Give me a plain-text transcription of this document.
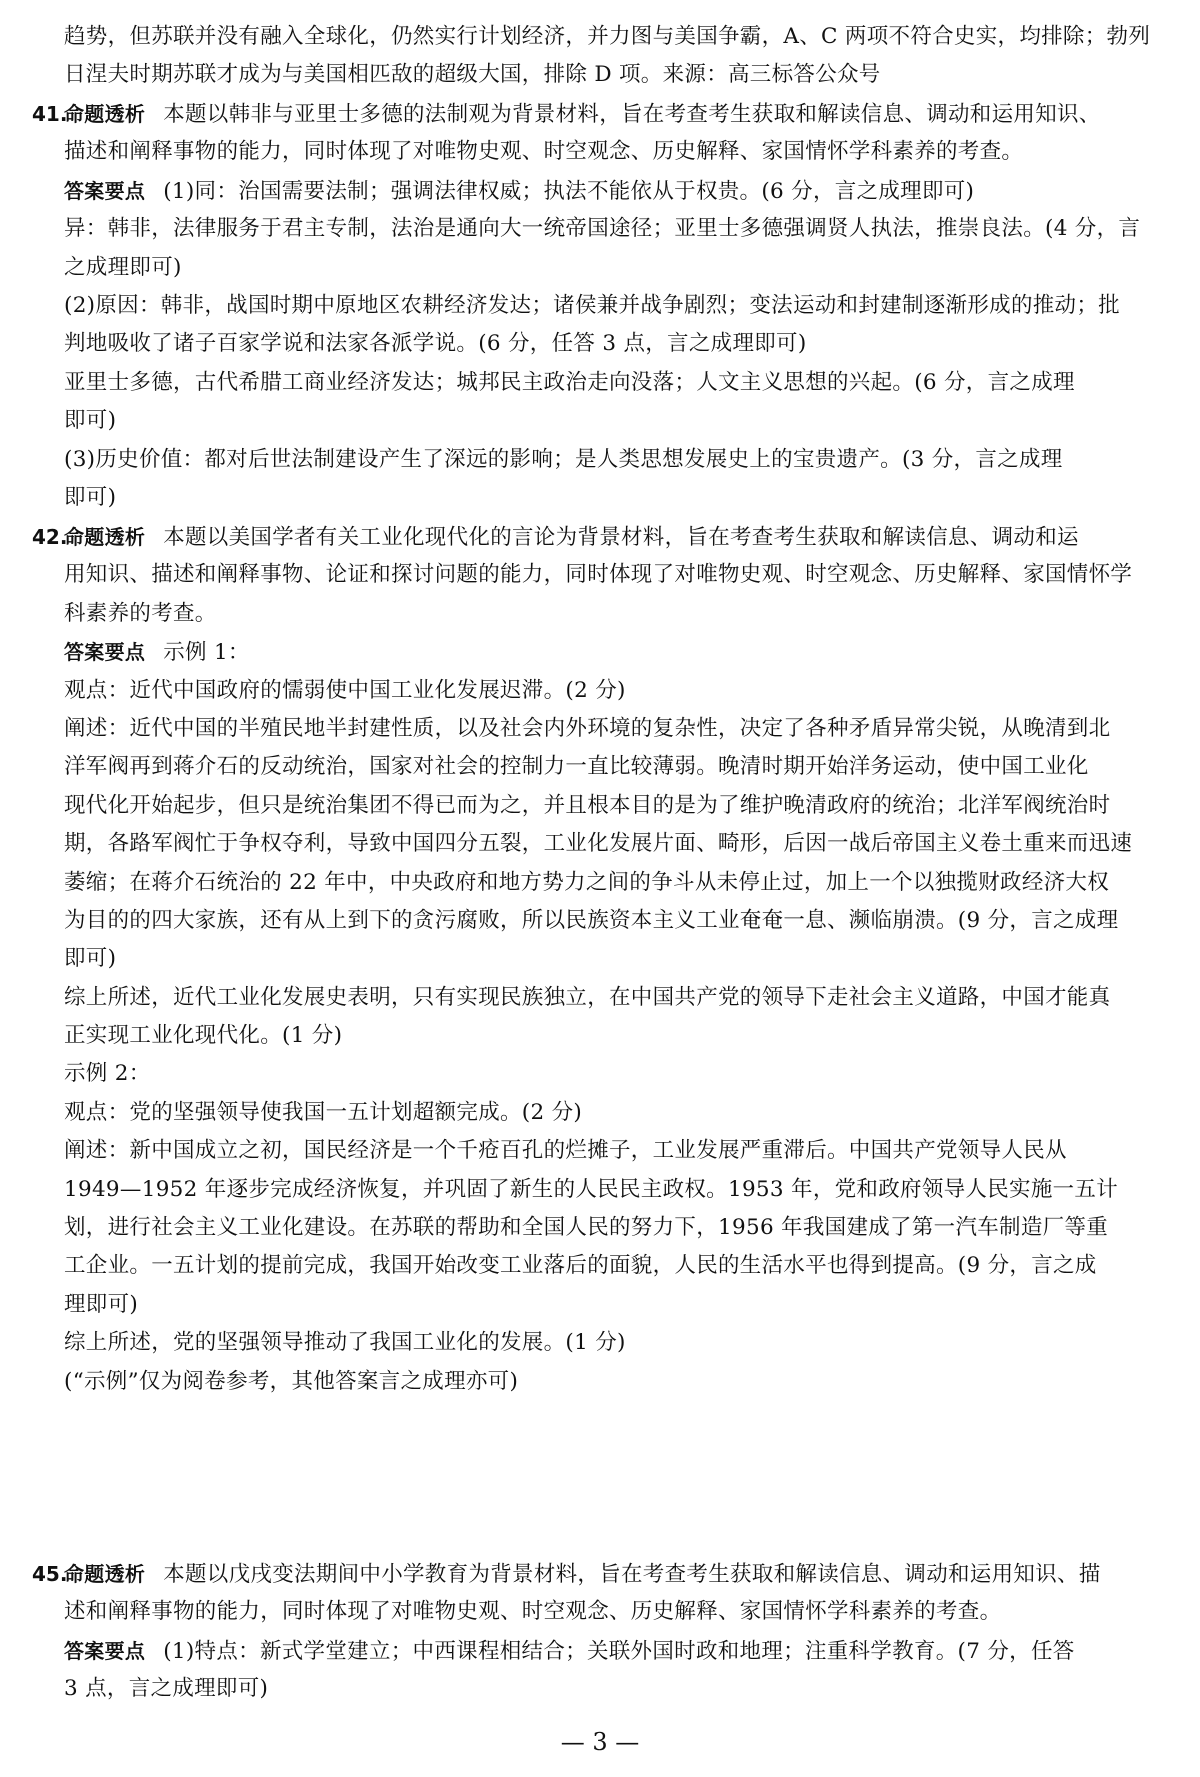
趋势，但苏联并没有融入全球化，仍然实行计划经济，并力图与美国争霸，A、C 两项不符合史实，均排除；勃列
日涅夫时期苏联才成为与美国相匹敌的超级大国，排除 D 项。来源：高三标答公众号
41.
命题透析 本题以韩非与亚里士多德的法制观为背景材料，旨在考查考生获取和解读信息、调动和运用知识、
描述和阐释事物的能力，同时体现了对唯物史观、时空观念、历史解释、家国情怀学科素养的考查。
答案要点 (1)同：治国需要法制；强调法律权威；执法不能依从于权贵。(6 分，言之成理即可)
异：韩非，法律服务于君主专制，法治是通向大一统帝国途径；亚里士多德强调贤人执法，推崇良法。(4 分，言
之成理即可)
(2)原因：韩非，战国时期中原地区农耕经济发达；诸侯兼并战争剧烈；变法运动和封建制逐渐形成的推动；批
判地吸收了诸子百家学说和法家各派学说。(6 分，任答 3 点，言之成理即可)
亚里士多德，古代希腊工商业经济发达；城邦民主政治走向没落；人文主义思想的兴起。(6 分，言之成理
即可)
(3)历史价值：都对后世法制建设产生了深远的影响；是人类思想发展史上的宝贵遗产。(3 分，言之成理
即可)
42.
命题透析 本题以美国学者有关工业化现代化的言论为背景材料，旨在考查考生获取和解读信息、调动和运
用知识、描述和阐释事物、论证和探讨问题的能力，同时体现了对唯物史观、时空观念、历史解释、家国情怀学
科素养的考查。
答案要点 示例 1：
观点：近代中国政府的懦弱使中国工业化发展迟滞。(2 分)
阐述：近代中国的半殖民地半封建性质，以及社会内外环境的复杂性，决定了各种矛盾异常尖锐，从晚清到北
洋军阀再到蒋介石的反动统治，国家对社会的控制力一直比较薄弱。晚清时期开始洋务运动，使中国工业化
现代化开始起步，但只是统治集团不得已而为之，并且根本目的是为了维护晚清政府的统治；北洋军阀统治时
期，各路军阀忙于争权夺利，导致中国四分五裂，工业化发展片面、畸形，后因一战后帝国主义卷土重来而迅速
萎缩；在蒋介石统治的 22 年中，中央政府和地方势力之间的争斗从未停止过，加上一个以独揽财政经济大权
为目的的四大家族，还有从上到下的贪污腐败，所以民族资本主义工业奄奄一息、濒临崩溃。(9 分，言之成理
即可)
综上所述，近代工业化发展史表明，只有实现民族独立，在中国共产党的领导下走社会主义道路，中国才能真
正实现工业化现代化。(1 分)
示例 2：
观点：党的坚强领导使我国一五计划超额完成。(2 分)
阐述：新中国成立之初，国民经济是一个千疮百孔的烂摊子，工业发展严重滞后。中国共产党领导人民从
1949—1952 年逐步完成经济恢复，并巩固了新生的人民民主政权。1953 年，党和政府领导人民实施一五计
划，进行社会主义工业化建设。在苏联的帮助和全国人民的努力下，1956 年我国建成了第一汽车制造厂等重
工企业。一五计划的提前完成，我国开始改变工业落后的面貌，人民的生活水平也得到提高。(9 分，言之成
理即可)
综上所述，党的坚强领导推动了我国工业化的发展。(1 分)
(“示例”仅为阅卷参考，其他答案言之成理亦可)
45.
命题透析 本题以戊戌变法期间中小学教育为背景材料，旨在考查考生获取和解读信息、调动和运用知识、描
述和阐释事物的能力，同时体现了对唯物史观、时空观念、历史解释、家国情怀学科素养的考查。
答案要点 (1)特点：新式学堂建立；中西课程相结合；关联外国时政和地理；注重科学教育。(7 分，任答
3 点，言之成理即可)
— 3 —
